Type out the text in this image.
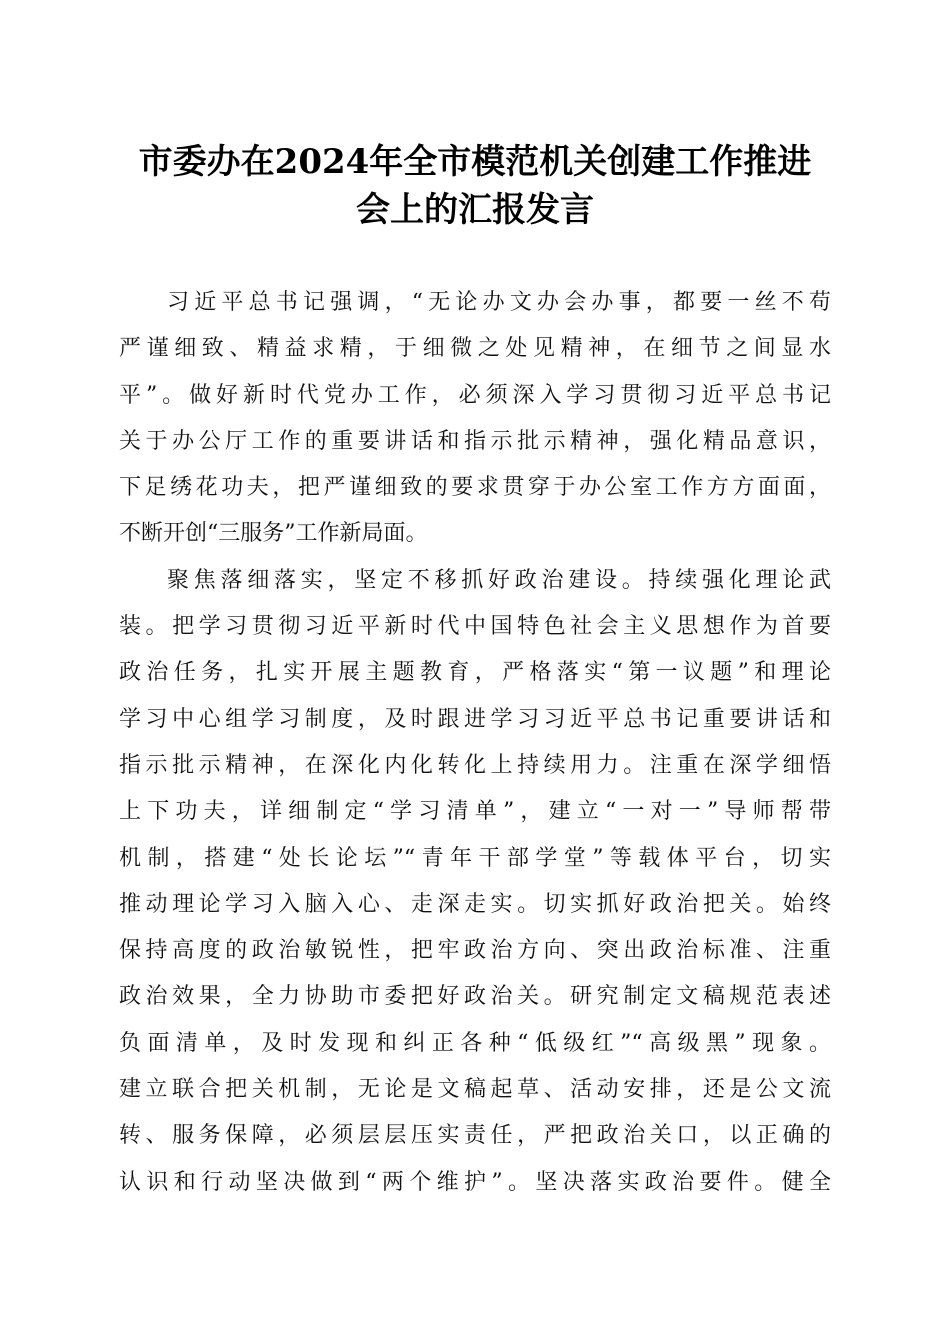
市委办在2024年全市模范机关创建工作推进
会上的汇报发言
习近平总书记强调，“无论办文办会办事，都要一丝不苟
严谨细致、精益求精，于细微之处见精神，在细节之间显水
平”。做好新时代党办工作，必须深入学习贯彻习近平总书记
关于办公厅工作的重要讲话和指示批示精神，强化精品意识，
下足绣花功夫，把严谨细致的要求贯穿于办公室工作方方面面，
不断开创“三服务”工作新局面。
聚焦落细落实，坚定不移抓好政治建设。持续强化理论武
装。把学习贯彻习近平新时代中国特色社会主义思想作为首要
政治任务，扎实开展主题教育，严格落实“第一议题”和理论
学习中心组学习制度，及时跟进学习习近平总书记重要讲话和
指示批示精神，在深化内化转化上持续用力。注重在深学细悟
上下功夫，详细制定“学习清单”，建立“一对一”导师帮带
机制，搭建“处长论坛”“青年干部学堂”等载体平台，切实
推动理论学习入脑入心、走深走实。切实抓好政治把关。始终
保持高度的政治敏锐性，把牢政治方向、突出政治标准、注重
政治效果，全力协助市委把好政治关。研究制定文稿规范表述
负面清单，及时发现和纠正各种“低级红”“高级黑”现象。
建立联合把关机制，无论是文稿起草、活动安排，还是公文流
转、服务保障，必须层层压实责任，严把政治关口，以正确的
认识和行动坚决做到“两个维护”。坚决落实政治要件。健全
